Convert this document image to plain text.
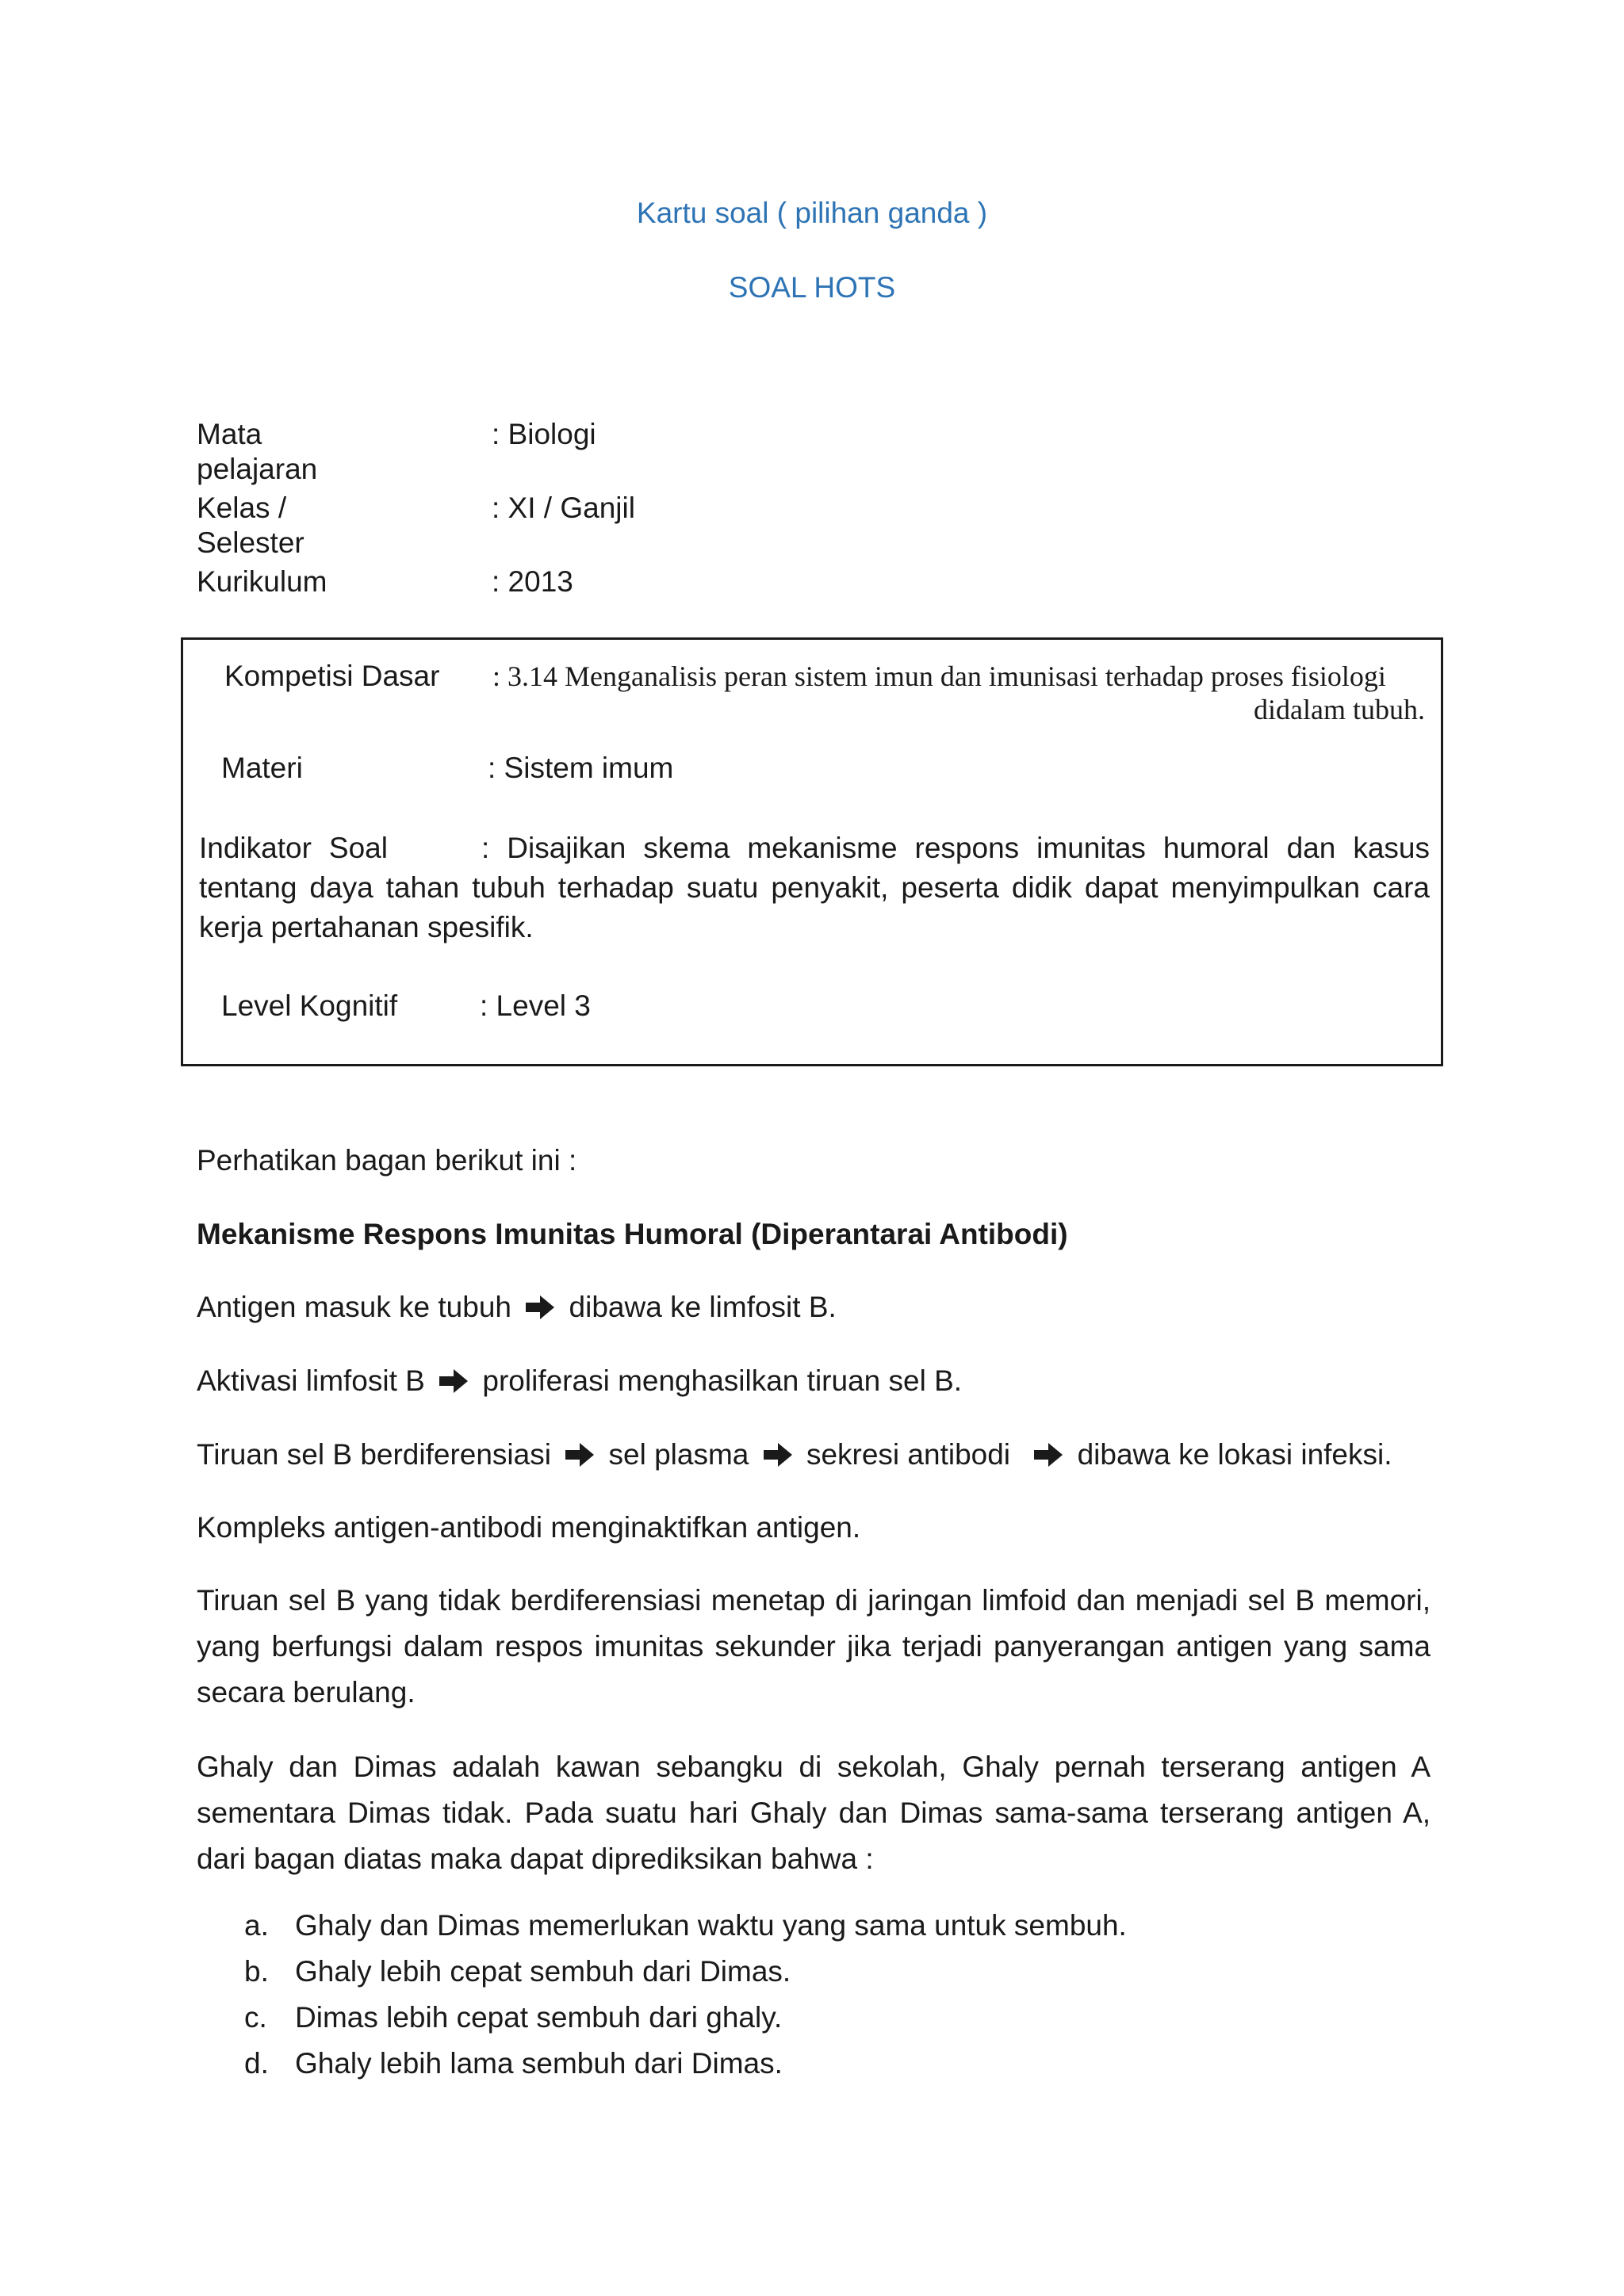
Kartu soal ( pilihan ganda )
SOAL HOTS
Mata pelajaran
: Biologi
Kelas / Selester
: XI / Ganjil
Kurikulum	: 2013
Kompetisi Dasar : 3.14 Menganalisis peran sistem imun dan imunisasi terhadap proses fisiologi
didalam tubuh.
Materi	: Sistem imum
Indikator Soal	: Disajikan skema mekanisme respons imunitas humoral dan kasus tentang daya tahan tubuh terhadap suatu penyakit, peserta didik dapat menyimpulkan cara kerja pertahanan spesifik.
Level Kognitif	: Level 3
Perhatikan bagan berikut ini :
Mekanisme Respons Imunitas Humoral (Diperantarai Antibodi)
Antigen masuk ke tubuh dibawa ke limfosit B.
Aktivasi limfosit B proliferasi menghasilkan tiruan sel B.
Tiruan sel B berdiferensiasi sel plasma sekresi antibodi dibawa ke lokasi infeksi.
Kompleks antigen-antibodi menginaktifkan antigen.
Tiruan sel B yang tidak berdiferensiasi menetap di jaringan limfoid dan menjadi sel B memori, yang berfungsi dalam respos imunitas sekunder jika terjadi panyerangan antigen yang sama secara berulang.
Ghaly dan Dimas adalah kawan sebangku di sekolah, Ghaly pernah terserang antigen A sementara Dimas tidak. Pada suatu hari Ghaly dan Dimas sama-sama terserang antigen A, dari bagan diatas maka dapat diprediksikan bahwa :
a. Ghaly dan Dimas memerlukan waktu yang sama untuk sembuh.
b. Ghaly lebih cepat sembuh dari Dimas.
c. Dimas lebih cepat sembuh dari ghaly.
d. Ghaly lebih lama sembuh dari Dimas.
